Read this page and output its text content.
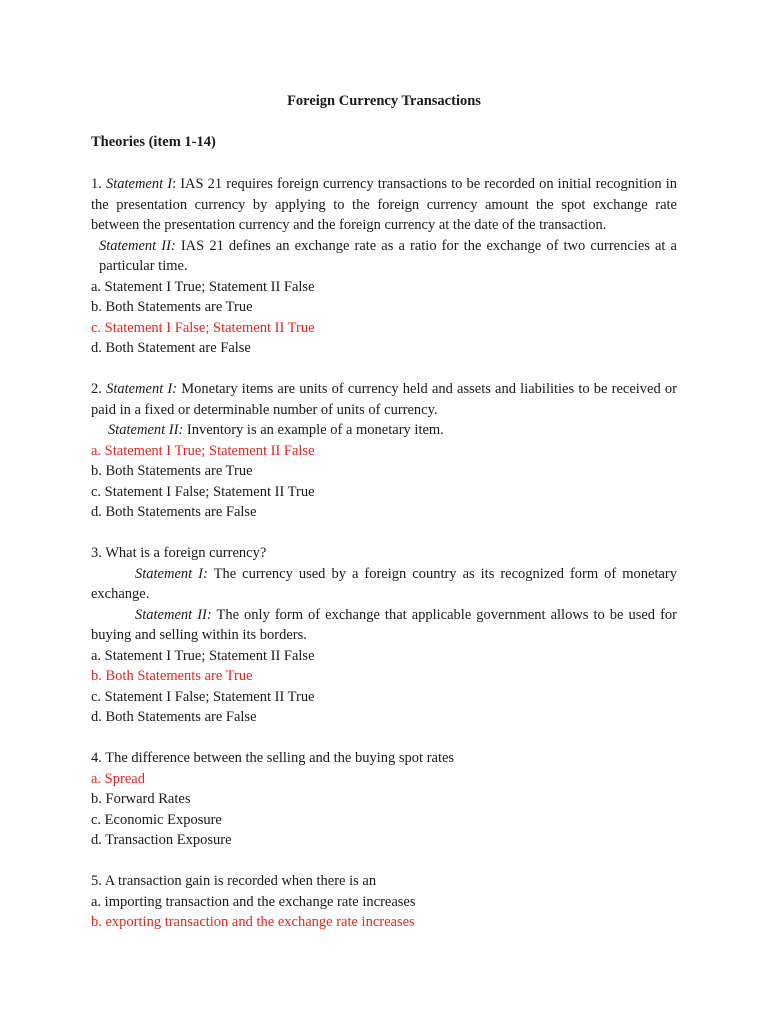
Foreign Currency Transactions
Theories (item 1-14)
1. Statement I: IAS 21 requires foreign currency transactions to be recorded on initial recognition in the presentation currency by applying to the foreign currency amount the spot exchange rate between the presentation currency and the foreign currency at the date of the transaction.
Statement II: IAS 21 defines an exchange rate as a ratio for the exchange of two currencies at a particular time.
a. Statement I True; Statement II False
b. Both Statements are True
c. Statement I False; Statement II True
d. Both Statement are False
2. Statement I: Monetary items are units of currency held and assets and liabilities to be received or paid in a fixed or determinable number of units of currency.
Statement II: Inventory is an example of a monetary item.
a. Statement I True; Statement II False
b. Both Statements are True
c. Statement I False; Statement II True
d. Both Statements are False
3. What is a foreign currency?
Statement I: The currency used by a foreign country as its recognized form of monetary exchange.
Statement II: The only form of exchange that applicable government allows to be used for buying and selling within its borders.
a. Statement I True; Statement II False
b. Both Statements are True
c. Statement I False; Statement II True
d. Both Statements are False
4. The difference between the selling and the buying spot rates
a. Spread
b. Forward Rates
c. Economic Exposure
d. Transaction Exposure
5. A transaction gain is recorded when there is an
a. importing transaction and the exchange rate increases
b. exporting transaction and the exchange rate increases
